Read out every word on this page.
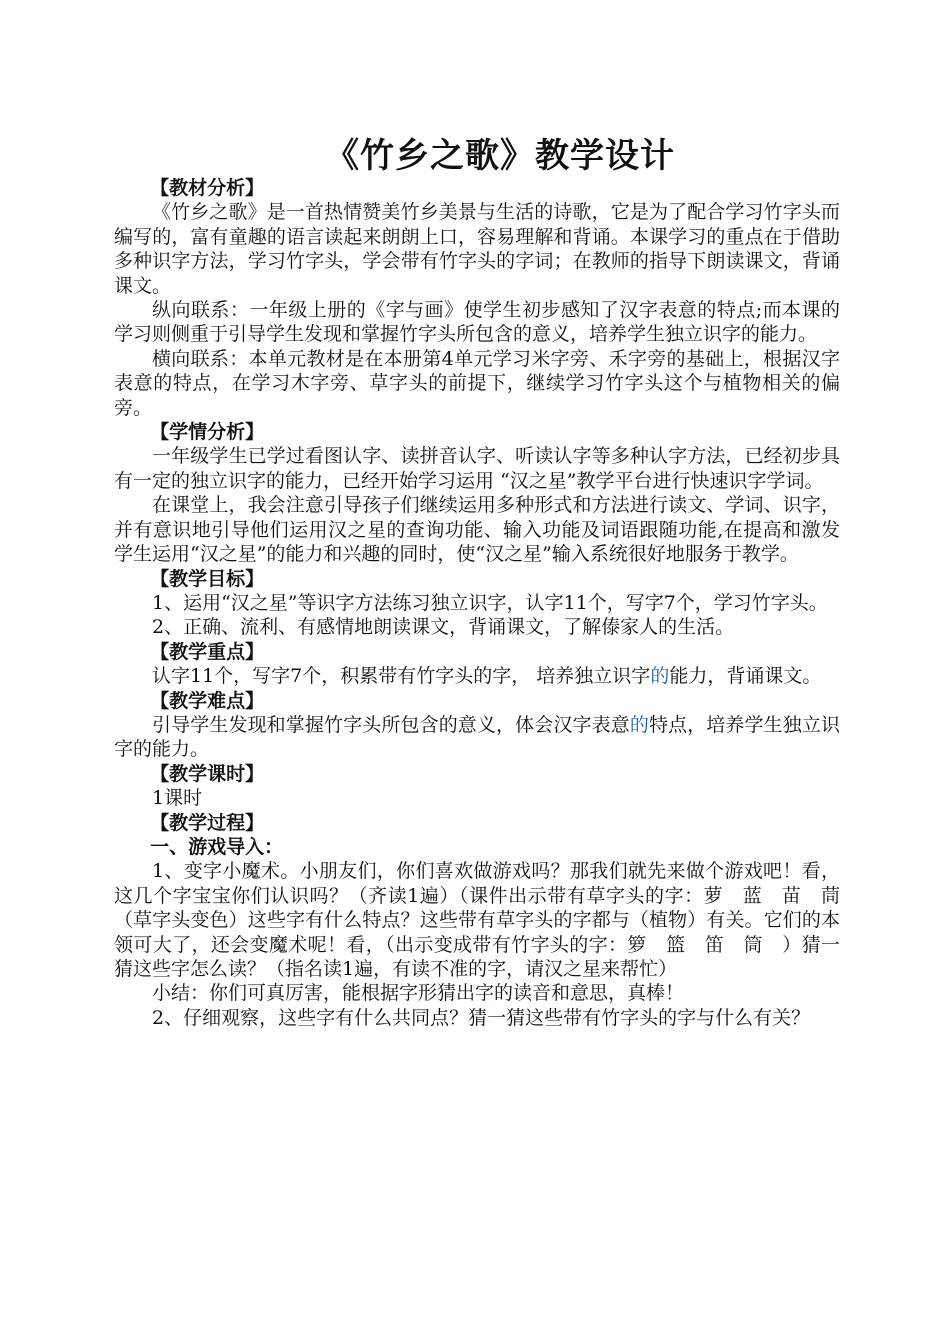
《竹乡之歌》教学设计
【教材分析】

《竹乡之歌》是一首热情赞美竹乡美景与生活的诗歌，它是为了配合学习竹字头而编写的，富有童趣的语言读起来朗朗上口，容易理解和背诵。本课学习的重点在于借助多种识字方法，学习竹字头，学会带有竹字头的字词；在教师的指导下朗读课文，背诵课文。

纵向联系：一年级上册的《字与画》使学生初步感知了汉字表意的特点;而本课的学习则侧重于引导学生发现和掌握竹字头所包含的意义，培养学生独立识字的能力。

横向联系：本单元教材是在本册第4单元学习米字旁、禾字旁的基础上，根据汉字表意的特点，在学习木字旁、草字头的前提下，继续学习竹字头这个与植物相关的偏旁。

【学情分析】

一年级学生已学过看图认字、读拼音认字、听读认字等多种认字方法，已经初步具有一定的独立识字的能力，已经开始学习运用 “汉之星”教学平台进行快速识字学词。

在课堂上，我会注意引导孩子们继续运用多种形式和方法进行读文、学词、识字，并有意识地引导他们运用汉之星的查询功能、输入功能及词语跟随功能,在提高和激发学生运用“汉之星”的能力和兴趣的同时，使“汉之星”输入系统很好地服务于教学。

【教学目标】

1、运用“汉之星”等识字方法练习独立识字，认字11个，写字7个，学习竹字头。

2、正确、流利、有感情地朗读课文，背诵课文，了解傣家人的生活。

【教学重点】

认字11个，写字7个，积累带有竹字头的字， 培养独立识字的能力，背诵课文。

【教学难点】

引导学生发现和掌握竹字头所包含的意义，体会汉字表意的特点，培养学生独立识字的能力。

【教学课时】

1课时

【教学过程】
一、游戏导入：

1、变字小魔术。小朋友们，你们喜欢做游戏吗？那我们就先来做个游戏吧！看，这几个字宝宝你们认识吗？（齐读1遍）（课件出示带有草字头的字：萝　蓝　苗　茼　（草字头变色）这些字有什么特点？这些带有草字头的字都与（植物）有关。它们的本领可大了，还会变魔术呢！看，（出示变成带有竹字头的字：箩　篮　笛　筒　）猜一猜这些字怎么读？（指名读1遍，有读不准的字，请汉之星来帮忙）

小结：你们可真厉害，能根据字形猜出字的读音和意思，真棒！

2、仔细观察，这些字有什么共同点？猜一猜这些带有竹字头的字与什么有关？
